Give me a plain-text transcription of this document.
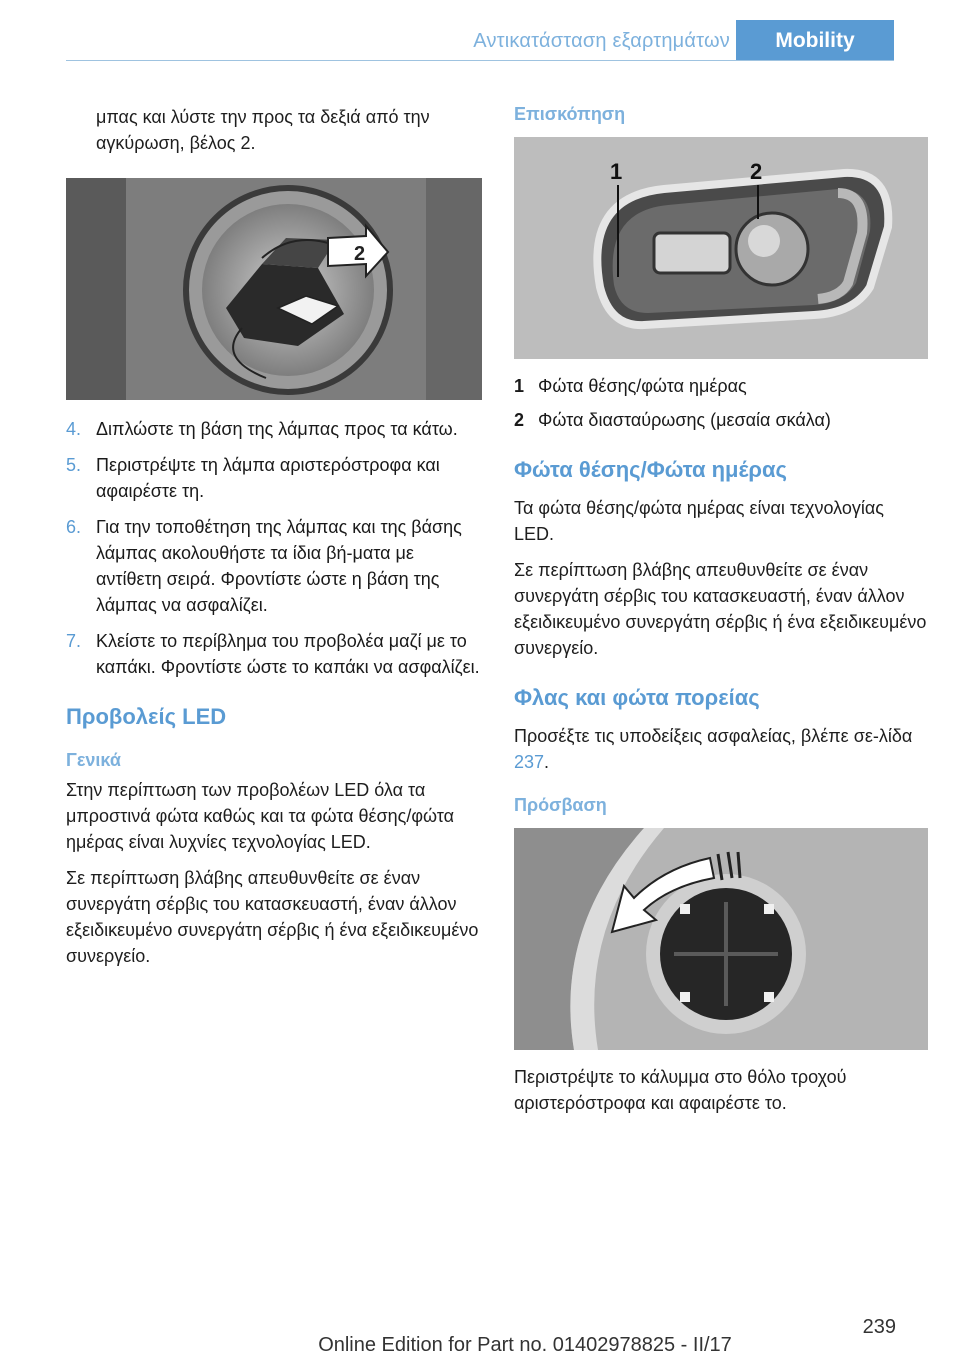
Αντικατάσταση εξαρτημάτων	Mobility

μπας και λύστε την προς τα δεξιά από την αγκύρωση, βέλος 2.

2
4. Διπλώστε τη βάση της λάμπας προς τα κάτω.
5. Περιστρέψτε τη λάμπα αριστερόστροφα και αφαιρέστε τη.
6. Για την τοποθέτηση της λάμπας και της βάσης λάμπας ακολουθήστε τα ίδια βή-ματα με αντίθετη σειρά. Φροντίστε ώστε η βάση της λάμπας να ασφαλίζει.
7. Κλείστε το περίβλημα του προβολέα μαζί με το καπάκι. Φροντίστε ώστε το καπάκι να ασφαλίζει.
Προβολείς LED
Γενικά

Στην περίπτωση των προβολέων LED όλα τα μπροστινά φώτα καθώς και τα φώτα θέσης/φώτα ημέρας είναι λυχνίες τεχνολογίας LED.

Σε περίπτωση βλάβης απευθυνθείτε σε έναν συνεργάτη σέρβις του κατασκευαστή, έναν άλλον εξειδικευμένο συνεργάτη σέρβις ή ένα εξειδικευμένο συνεργείο.

Επισκόπηση
1	2
1 Φώτα θέσης/φώτα ημέρας
2 Φώτα διασταύρωσης (μεσαία σκάλα)
Φώτα θέσης/Φώτα ημέρας

Τα φώτα θέσης/φώτα ημέρας είναι τεχνολογίας LED.

Σε περίπτωση βλάβης απευθυνθείτε σε έναν συνεργάτη σέρβις του κατασκευαστή, έναν άλλον εξειδικευμένο συνεργάτη σέρβις ή ένα εξειδικευμένο συνεργείο.

Φλας και φώτα πορείας

Προσέξτε τις υποδείξεις ασφαλείας, βλέπε σε-λίδα 237.

Πρόσβαση

Περιστρέψτε το κάλυμμα στο θόλο τροχού αριστερόστροφα και αφαιρέστε το.

239
Online Edition for Part no. 01402978825 - II/17
